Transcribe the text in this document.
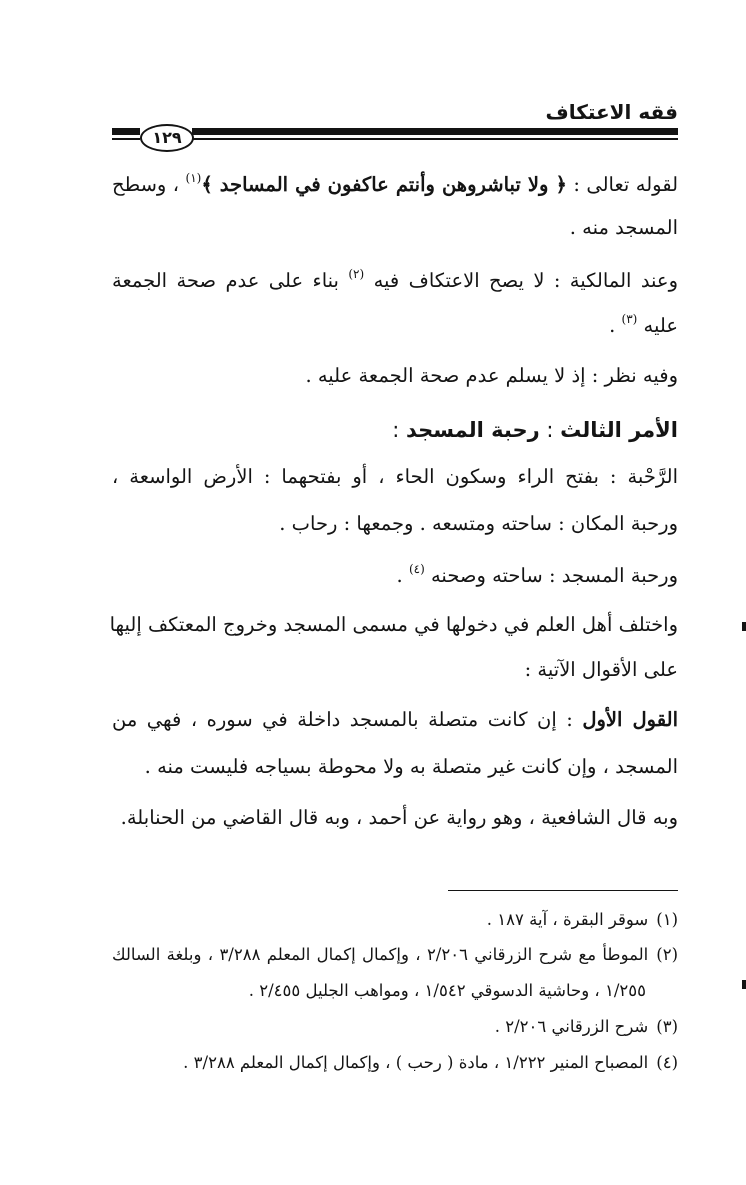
فقه الاعتكاف
١٢٩
لقوله تعالى : ﴿ ولا تباشروهن وأنتم عاكفون في المساجد ﴾$^{(١)}$ ، وسطح
المسجد منه .
وعند المالكية : لا يصح الاعتكاف فيه $^{(٢)}$ بناء على عدم صحة الجمعة
عليه $^{(٣)}$ .
وفيه نظر : إذ لا يسلم عدم صحة الجمعة عليه .
الأمر الثالث : رحبة المسجد :
الرَّحْبة : بفتح الراء وسكون الحاء ، أو بفتحهما : الأرض الواسعة ،
ورحبة المكان : ساحته ومتسعه . وجمعها : رحاب .
ورحبة المسجد : ساحته وصحنه $^{(٤)}$ .
واختلف أهل العلم في دخولها في مسمى المسجد وخروج المعتكف إليها
على الأقوال الآتية :
القول الأول : إن كانت متصلة بالمسجد داخلة في سوره ، فهي من
المسجد ، وإن كانت غير متصلة به ولا محوطة بسياجه فليست منه .
وبه قال الشافعية ، وهو رواية عن أحمد ، وبه قال القاضي من الحنابلة.
(١)سوقر البقرة ، آية ١٨٧ .
(٢)الموطأ مع شرح الزرقاني ٢/٢٠٦ ، وإكمال إكمال المعلم ٣/٢٨٨ ، وبلغة السالك
١/٢٥٥ ، وحاشية الدسوقي ١/٥٤٢ ، ومواهب الجليل ٢/٤٥٥ .
(٣)شرح الزرقاني ٢/٢٠٦ .
(٤)المصباح المنير ١/٢٢٢ ، مادة ( رحب ) ، وإكمال إكمال المعلم ٣/٢٨٨ .
